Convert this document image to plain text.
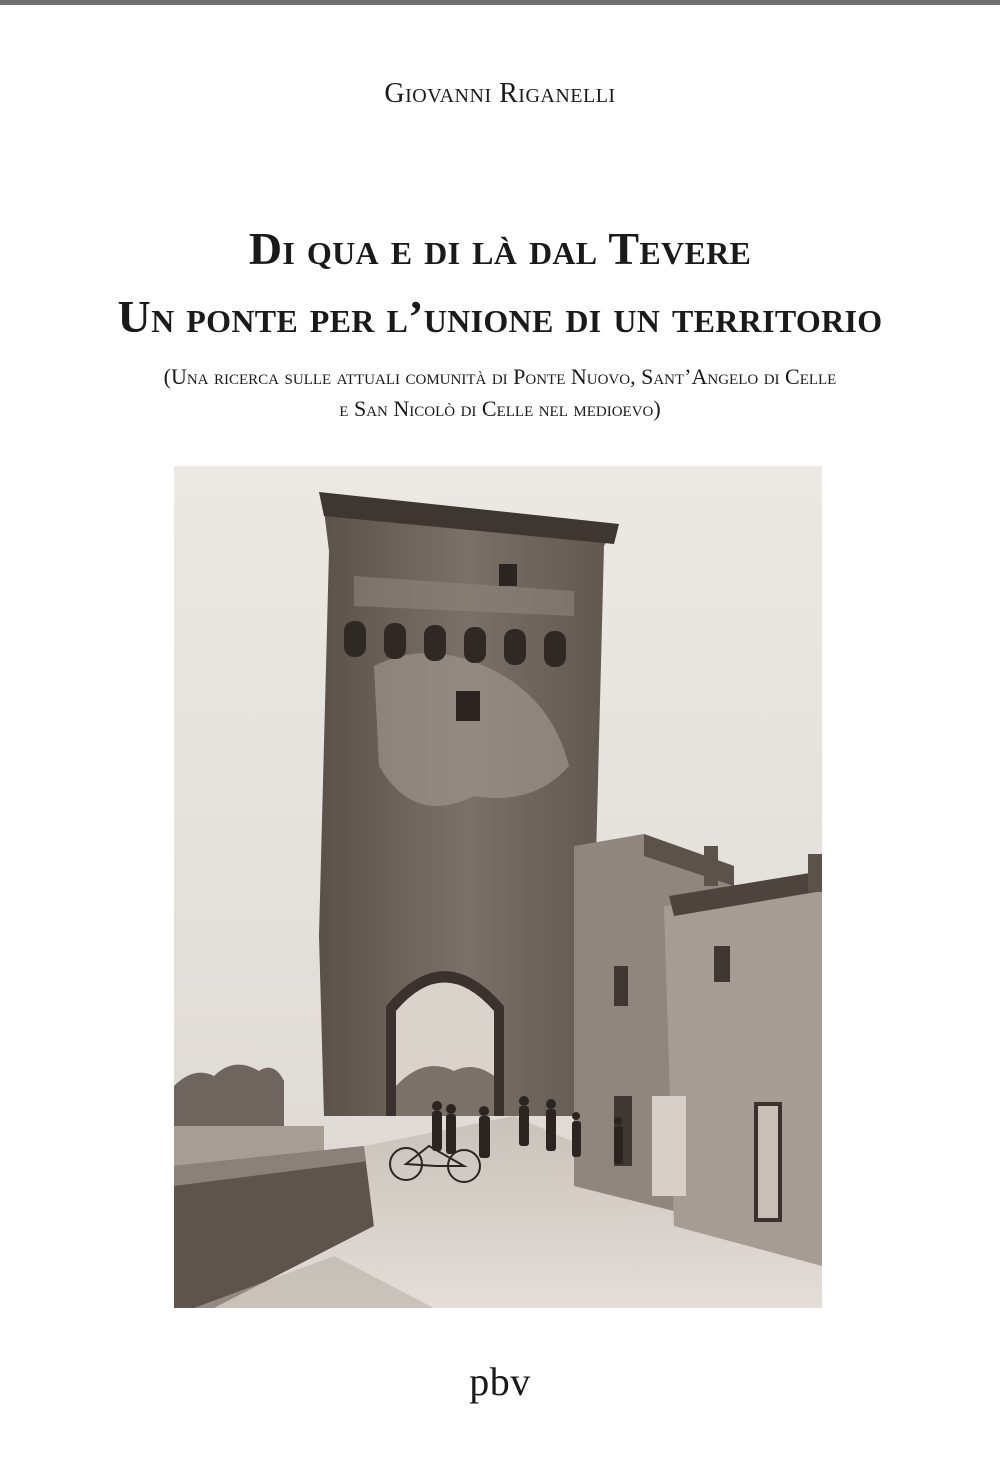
Giovanni Riganelli
Di qua e di là dal Tevere
Un ponte per l’unione di un territorio
(Una ricerca sulle attuali comunità di Ponte Nuovo, Sant’Angelo di Celle
e San Nicolò di Celle nel medioevo)
pbv
